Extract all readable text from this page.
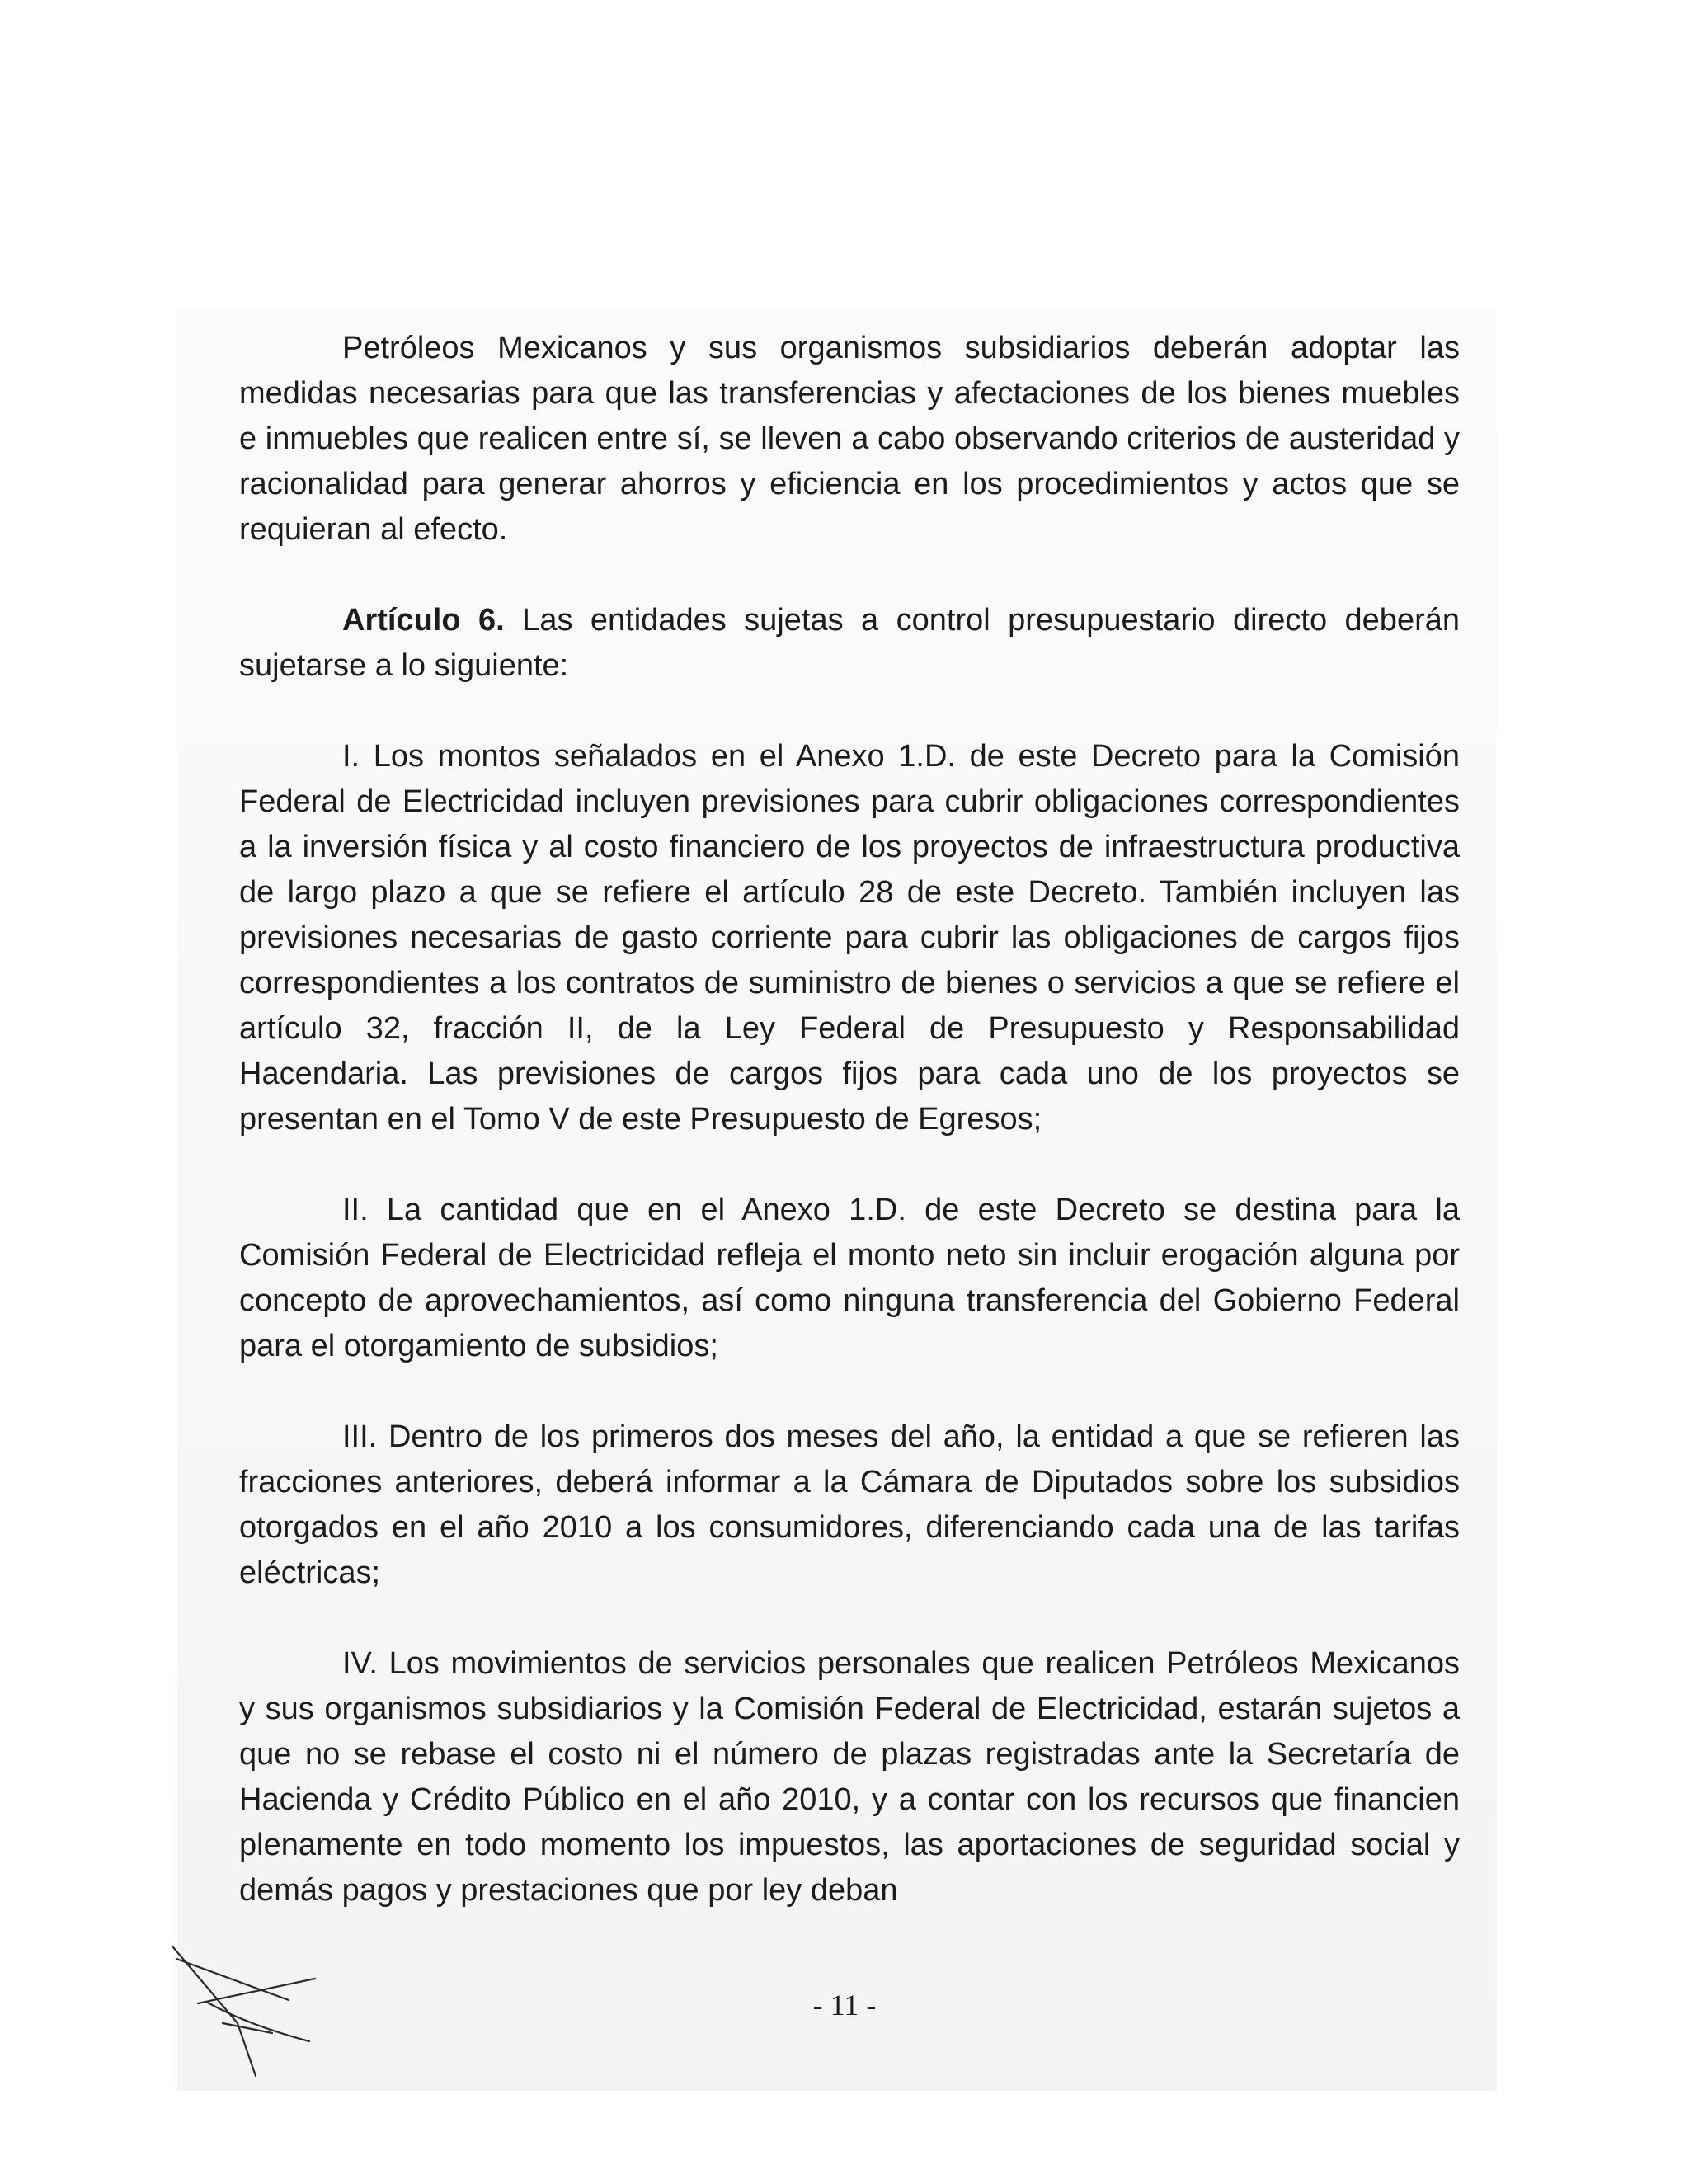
Petróleos Mexicanos y sus organismos subsidiarios deberán adoptar las medidas necesarias para que las transferencias y afectaciones de los bienes muebles e inmuebles que realicen entre sí, se lleven a cabo observando criterios de austeridad y racionalidad para generar ahorros y eficiencia en los procedimientos y actos que se requieran al efecto.

Artículo 6. Las entidades sujetas a control presupuestario directo deberán sujetarse a lo siguiente:

I. Los montos señalados en el Anexo 1.D. de este Decreto para la Comisión Federal de Electricidad incluyen previsiones para cubrir obligaciones correspondientes a la inversión física y al costo financiero de los proyectos de infraestructura productiva de largo plazo a que se refiere el artículo 28 de este Decreto. También incluyen las previsiones necesarias de gasto corriente para cubrir las obligaciones de cargos fijos correspondientes a los contratos de suministro de bienes o servicios a que se refiere el artículo 32, fracción II, de la Ley Federal de Presupuesto y Responsabilidad Hacendaria. Las previsiones de cargos fijos para cada uno de los proyectos se presentan en el Tomo V de este Presupuesto de Egresos;

II. La cantidad que en el Anexo 1.D. de este Decreto se destina para la Comisión Federal de Electricidad refleja el monto neto sin incluir erogación alguna por concepto de aprovechamientos, así como ninguna transferencia del Gobierno Federal para el otorgamiento de subsidios;

III. Dentro de los primeros dos meses del año, la entidad a que se refieren las fracciones anteriores, deberá informar a la Cámara de Diputados sobre los subsidios otorgados en el año 2010 a los consumidores, diferenciando cada una de las tarifas eléctricas;

IV. Los movimientos de servicios personales que realicen Petróleos Mexicanos y sus organismos subsidiarios y la Comisión Federal de Electricidad, estarán sujetos a que no se rebase el costo ni el número de plazas registradas ante la Secretaría de Hacienda y Crédito Público en el año 2010, y a contar con los recursos que financien plenamente en todo momento los impuestos, las aportaciones de seguridad social y demás pagos y prestaciones que por ley deban

- 11 -
